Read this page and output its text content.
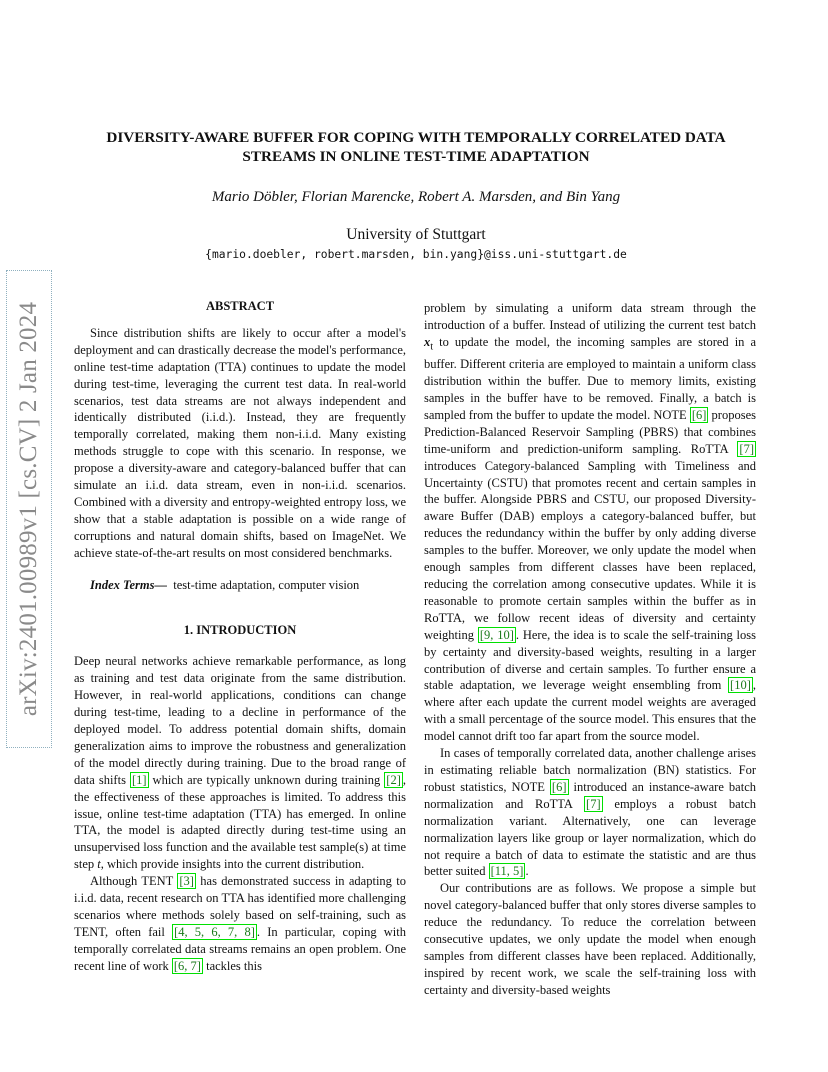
arXiv:2401.00989v1 [cs.CV] 2 Jan 2024
DIVERSITY-AWARE BUFFER FOR COPING WITH TEMPORALLY CORRELATED DATA
STREAMS IN ONLINE TEST-TIME ADAPTATION
Mario Döbler, Florian Marencke, Robert A. Marsden, and Bin Yang
University of Stuttgart
{mario.doebler, robert.marsden, bin.yang}@iss.uni-stuttgart.de
ABSTRACT

Since distribution shifts are likely to occur after a model's deployment and can drastically decrease the model's performance, online test-time adaptation (TTA) continues to update the model during test-time, leveraging the current test data. In real-world scenarios, test data streams are not always independent and identically distributed (i.i.d.). Instead, they are frequently temporally correlated, making them non-i.i.d. Many existing methods struggle to cope with this scenario. In response, we propose a diversity-aware and category-balanced buffer that can simulate an i.i.d. data stream, even in non-i.i.d. scenarios. Combined with a diversity and entropy-weighted entropy loss, we show that a stable adaptation is possible on a wide range of corruptions and natural domain shifts, based on ImageNet. We achieve state-of-the-art results on most considered benchmarks.

Index Terms— test-time adaptation, computer vision

1. INTRODUCTION

Deep neural networks achieve remarkable performance, as long as training and test data originate from the same distribution. However, in real-world applications, conditions can change during test-time, leading to a decline in performance of the deployed model. To address potential domain shifts, domain generalization aims to improve the robustness and generalization of the model directly during training. Due to the broad range of data shifts [1] which are typically unknown during training [2] , the effectiveness of these approaches is limited. To address this issue, online test-time adaptation (TTA) has emerged. In online TTA, the model is adapted directly during test-time using an unsupervised loss function and the available test sample(s) at time step t, which provide insights into the current distribution.

Although TENT [3] has demonstrated success in adapting to i.i.d. data, recent research on TTA has identified more challenging scenarios where methods solely based on self-training, such as TENT, often fail [4, 5, 6, 7, 8] . In particular, coping with temporally correlated data streams remains an open problem. One recent line of work [6, 7] tackles this

problem by simulating a uniform data stream through the introduction of a buffer. Instead of utilizing the current test batch $x_t$ to update the model, the incoming samples are stored in a buffer. Different criteria are employed to maintain a uniform class distribution within the buffer. Due to memory limits, existing samples in the buffer have to be removed. Finally, a batch is sampled from the buffer to update the model. NOTE [6] proposes Prediction-Balanced Reservoir Sampling (PBRS) that combines time-uniform and prediction-uniform sampling. RoTTA [7] introduces Category-balanced Sampling with Timeliness and Uncertainty (CSTU) that promotes recent and certain samples in the buffer. Alongside PBRS and CSTU, our proposed Diversity-aware Buffer (DAB) employs a category-balanced buffer, but reduces the redundancy within the buffer by only adding diverse samples to the buffer. Moreover, we only update the model when enough samples from different classes have been replaced, reducing the correlation among consecutive updates. While it is reasonable to promote certain samples within the buffer as in RoTTA, we follow recent ideas of diversity and certainty weighting [9, 10] . Here, the idea is to scale the self-training loss by certainty and diversity-based weights, resulting in a larger contribution of diverse and certain samples. To further ensure a stable adaptation, we leverage weight ensembling from [10] , where after each update the current model weights are averaged with a small percentage of the source model. This ensures that the model cannot drift too far apart from the source model.

In cases of temporally correlated data, another challenge arises in estimating reliable batch normalization (BN) statistics. For robust statistics, NOTE [6] introduced an instance-aware batch normalization and RoTTA [7] employs a robust batch normalization variant. Alternatively, one can leverage normalization layers like group or layer normalization, which do not require a batch of data to estimate the statistic and are thus better suited [11, 5] .

Our contributions are as follows. We propose a simple but novel category-balanced buffer that only stores diverse samples to reduce the redundancy. To reduce the correlation between consecutive updates, we only update the model when enough samples from different classes have been replaced. Additionally, inspired by recent work, we scale the self-training loss with certainty and diversity-based weights
